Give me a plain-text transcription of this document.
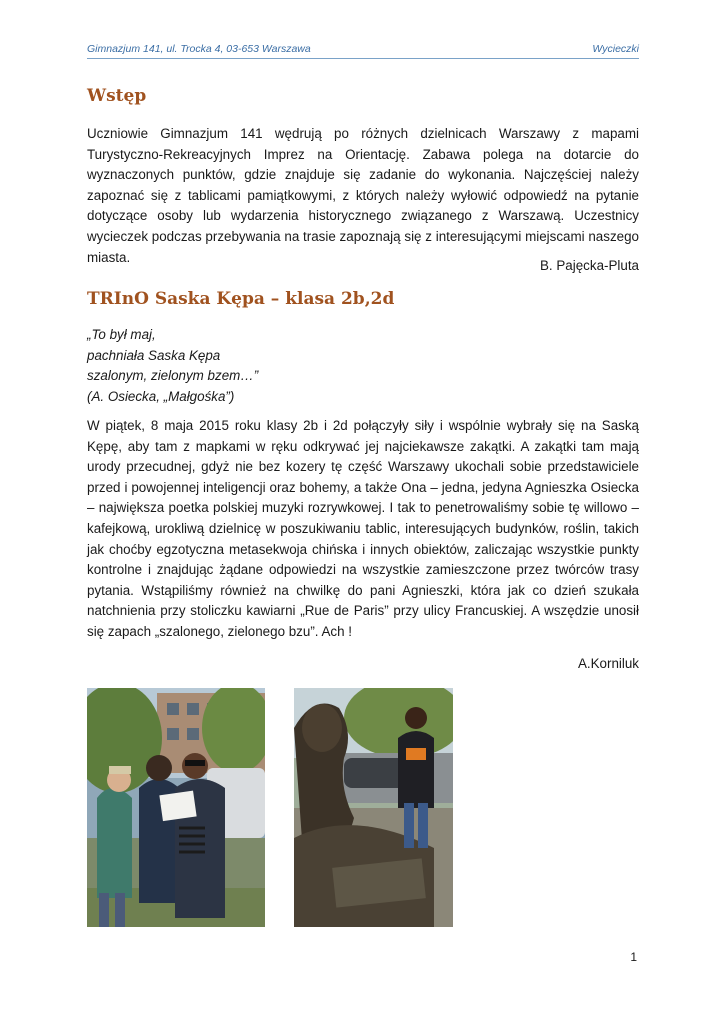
Gimnazjum 141, ul. Trocka 4, 03-653 Warszawa	Wycieczki
Wstęp

Uczniowie Gimnazjum 141 wędrują po różnych dzielnicach Warszawy z mapami Turystyczno-Rekreacyjnych Imprez na Orientację. Zabawa polega na dotarcie do wyznaczonych punktów, gdzie znajduje się zadanie do wykonania. Najczęściej należy zapoznać się z tablicami pamiątkowymi, z których należy wyłowić odpowiedź na pytanie dotyczące osoby lub wydarzenia historycznego związanego z Warszawą. Uczestnicy wycieczek podczas przebywania na trasie zapoznają się z interesującymi miejscami naszego miasta.

B. Pajęcka-Pluta
TRInO Saska Kępa – klasa 2b,2d
„To był maj,
pachniała Saska Kępa
szalonym, zielonym bzem…”
(A. Osiecka, „Małgośka”)

W piątek, 8 maja 2015 roku klasy 2b i 2d połączyły siły i wspólnie wybrały się na Saską Kępę, aby tam z mapkami w ręku odkrywać jej najciekawsze zakątki. A zakątki tam mają urody przecudnej, gdyż nie bez kozery tę część Warszawy ukochali sobie przedstawiciele przed i powojennej inteligencji oraz bohemy, a także Ona – jedna, jedyna Agnieszka Osiecka – największa poetka polskiej muzyki rozrywkowej. I tak to penetrowaliśmy sobie tę willowo – kafejkową, urokliwą dzielnicę w poszukiwaniu tablic, interesujących budynków, roślin, takich jak choćby egzotyczna metasekwoja chińska i innych obiektów, zaliczając wszystkie punkty kontrolne i znajdując żądane odpowiedzi na wszystkie zamieszczone przez twórców trasy pytania. Wstąpiliśmy również na chwilkę do pani Agnieszki, która jak co dzień szukała natchnienia przy stoliczku kawiarni „Rue de Paris” przy ulicy Francuskiej. A wszędzie unosił się zapach „szalonego, zielonego bzu”. Ach !

A.Korniluk
1
